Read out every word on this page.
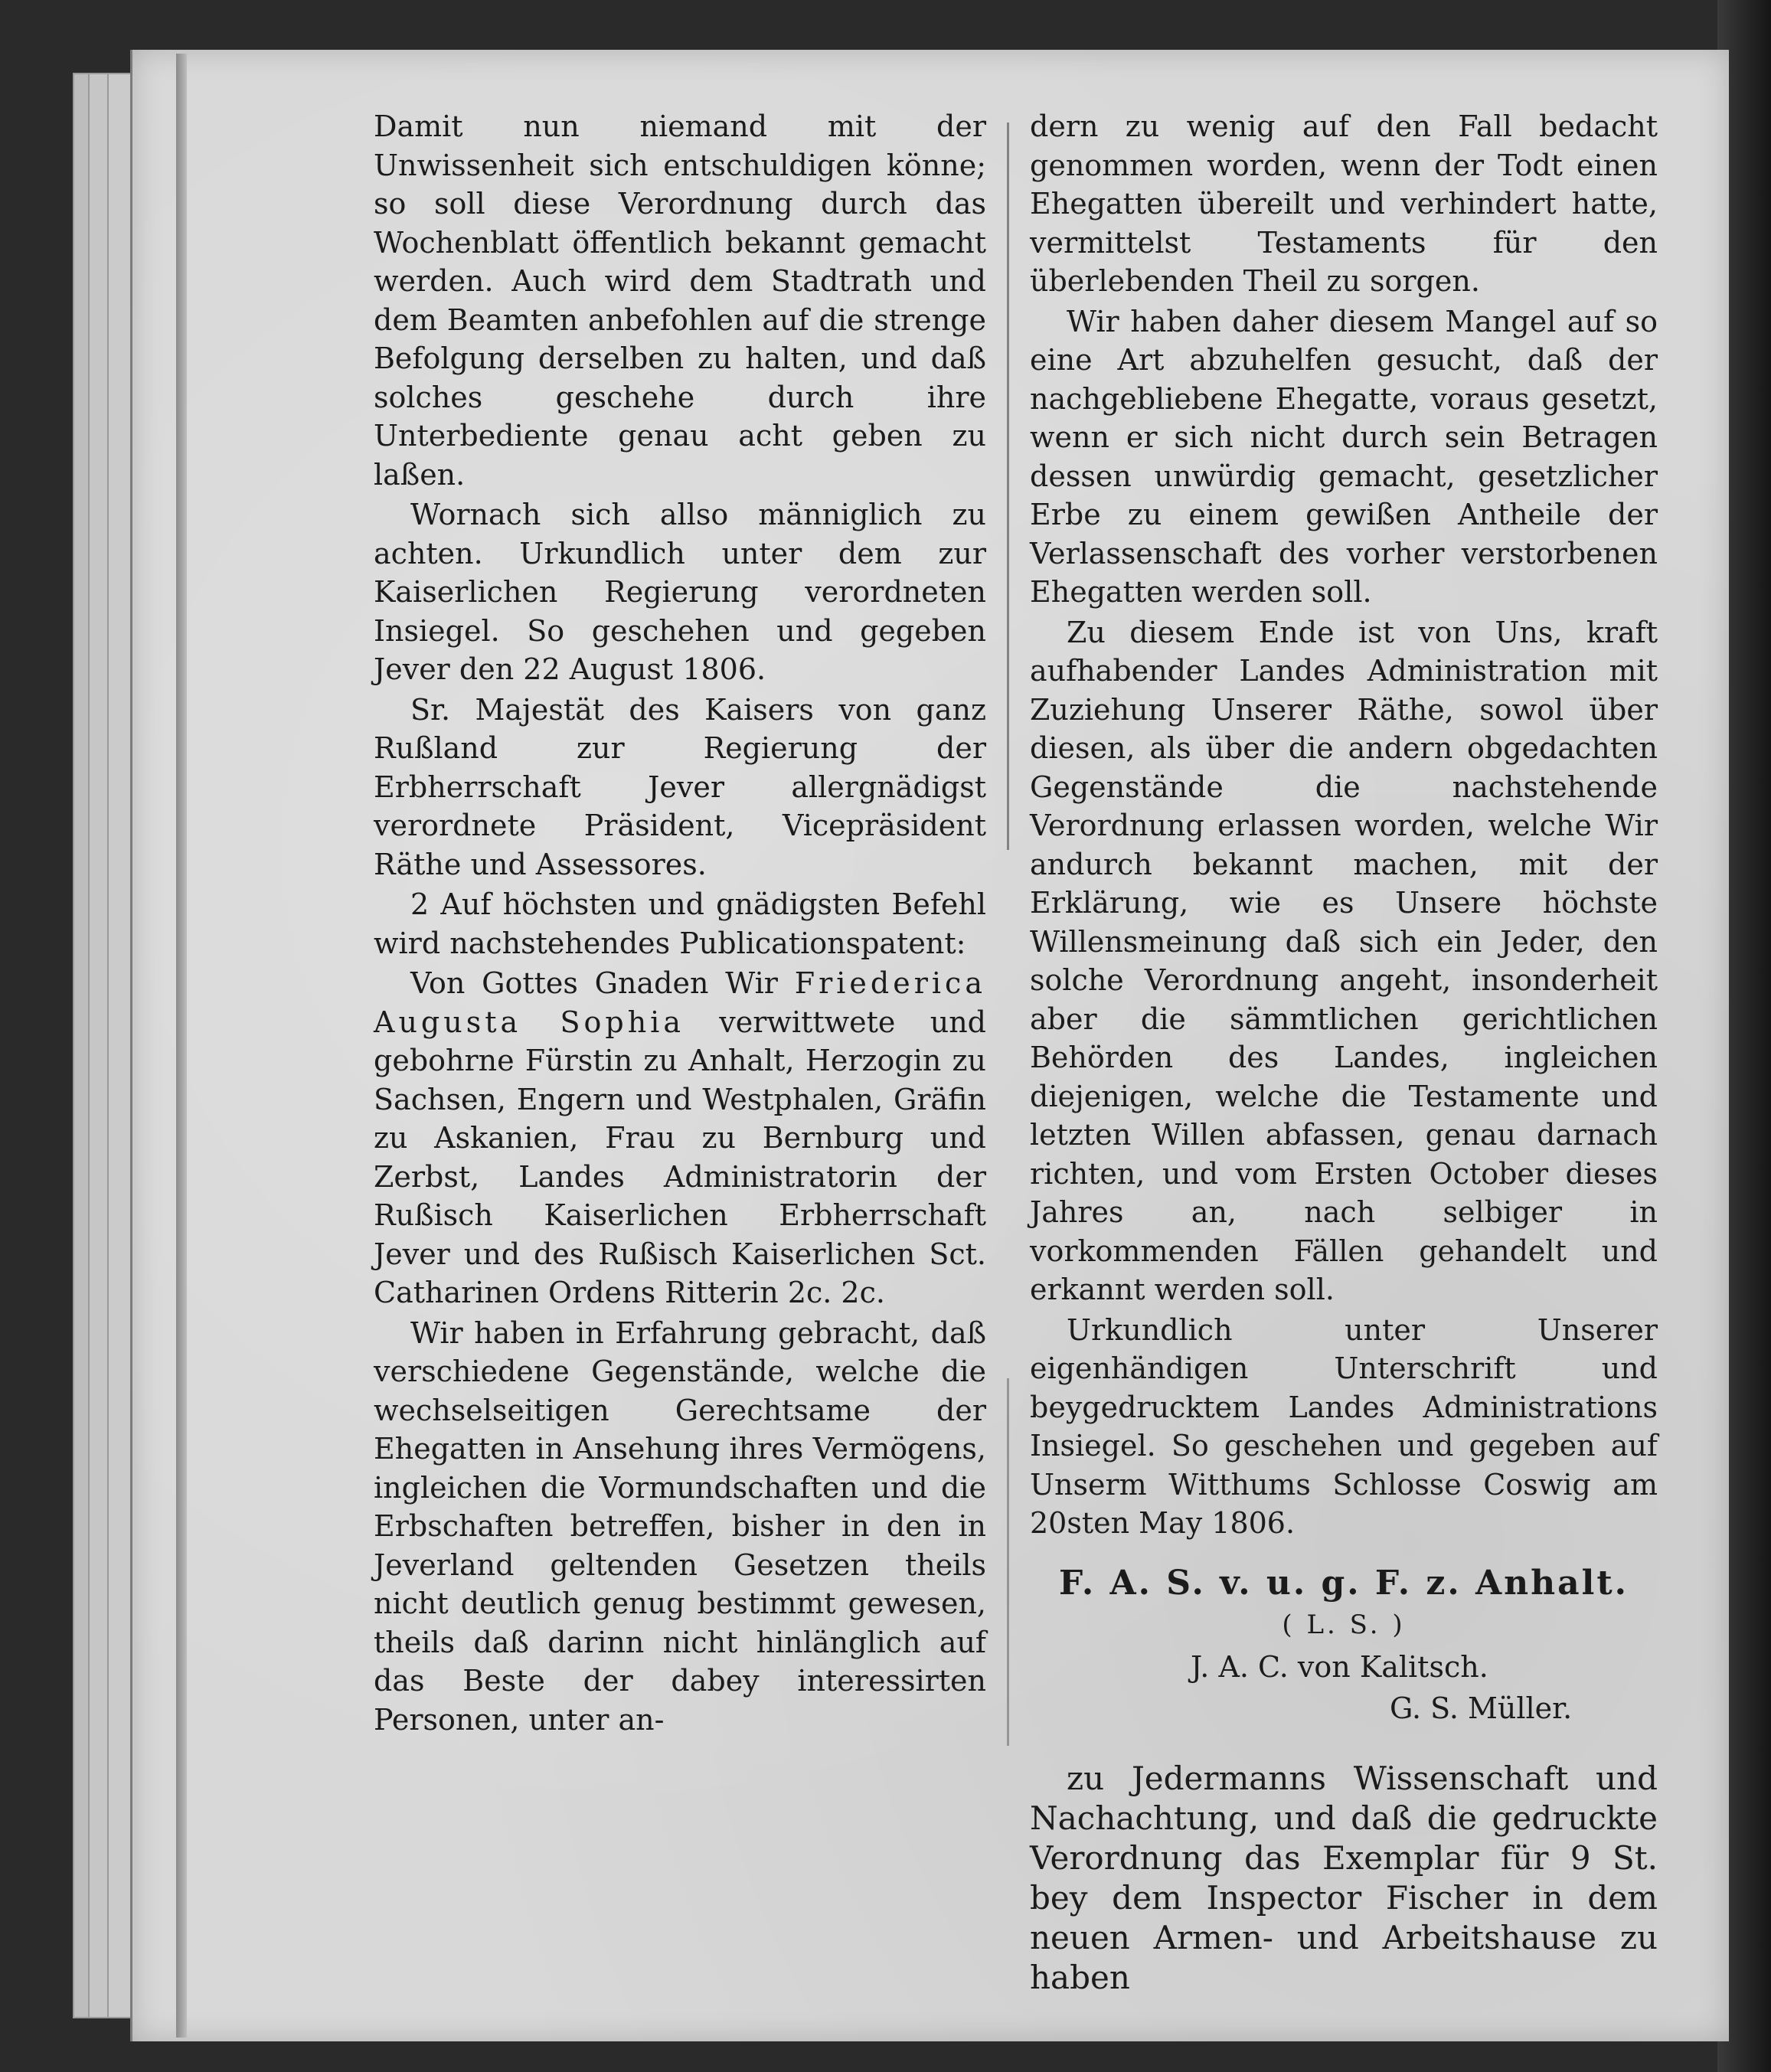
Damit nun niemand mit der Unwissenheit sich entschuldigen könne; so soll diese Verordnung durch das Wochenblatt öffentlich bekannt gemacht werden. Auch wird dem Stadtrath und dem Beamten anbefohlen auf die strenge Befolgung derselben zu halten, und daß solches geschehe durch ihre Unterbediente genau acht geben zu laßen.

Wornach sich allso männiglich zu achten. Urkundlich unter dem zur Kaiserlichen Regierung verordneten Insiegel. So geschehen und gegeben Jever den 22 August 1806.

Sr. Majestät des Kaisers von ganz Rußland zur Regierung der Erbherrschaft Jever allergnädigst verordnete Präsident, Vicepräsident Räthe und Assessores.

2 Auf höchsten und gnädigsten Befehl wird nachstehendes Publicationspatent:

Von Gottes Gnaden Wir Friederica Augusta Sophia verwittwete und gebohrne Fürstin zu Anhalt, Herzogin zu Sachsen, Engern und Westphalen, Gräfin zu Askanien, Frau zu Bernburg und Zerbst, Landes Administratorin der Rußisch Kaiserlichen Erbherrschaft Jever und des Rußisch Kaiserlichen Sct. Catharinen Ordens Ritterin 2c. 2c.

Wir haben in Erfahrung gebracht, daß verschiedene Gegenstände, welche die wechselseitigen Gerechtsame der Ehegatten in Ansehung ihres Vermögens, ingleichen die Vormundschaften und die Erbschaften betreffen, bisher in den in Jeverland geltenden Gesetzen theils nicht deutlich genug bestimmt gewesen, theils daß darinn nicht hinlänglich auf das Beste der dabey interessirten Personen, unter an-

dern zu wenig auf den Fall bedacht genommen worden, wenn der Todt einen Ehegatten übereilt und verhindert hatte, vermittelst Testaments für den überlebenden Theil zu sorgen.

Wir haben daher diesem Mangel auf so eine Art abzuhelfen gesucht, daß der nachgebliebene Ehegatte, voraus gesetzt, wenn er sich nicht durch sein Betragen dessen unwürdig gemacht, gesetzlicher Erbe zu einem gewißen Antheile der Verlassenschaft des vorher verstorbenen Ehegatten werden soll.

Zu diesem Ende ist von Uns, kraft aufhabender Landes Administration mit Zuziehung Unserer Räthe, sowol über diesen, als über die andern obgedachten Gegenstände die nachstehende Verordnung erlassen worden, welche Wir andurch bekannt machen, mit der Erklärung, wie es Unsere höchste Willensmeinung daß sich ein Jeder, den solche Verordnung angeht, insonderheit aber die sämmtlichen gerichtlichen Behörden des Landes, ingleichen diejenigen, welche die Testamente und letzten Willen abfassen, genau darnach richten, und vom Ersten October dieses Jahres an, nach selbiger in vorkommenden Fällen gehandelt und erkannt werden soll.

Urkundlich unter Unserer eigenhändigen Unterschrift und beygedrucktem Landes Administrations Insiegel. So geschehen und gegeben auf Unserm Witthums Schlosse Coswig am 20sten May 1806.

F. A. S. v. u. g. F. z. Anhalt.

( L. S. )

J. A. C. von Kalitsch.

G. S. Müller.

zu Jedermanns Wissenschaft und Nachachtung, und daß die gedruckte Verordnung das Exemplar für 9 St. bey dem Inspector Fischer in dem neuen Armen- und Arbeitshause zu haben
